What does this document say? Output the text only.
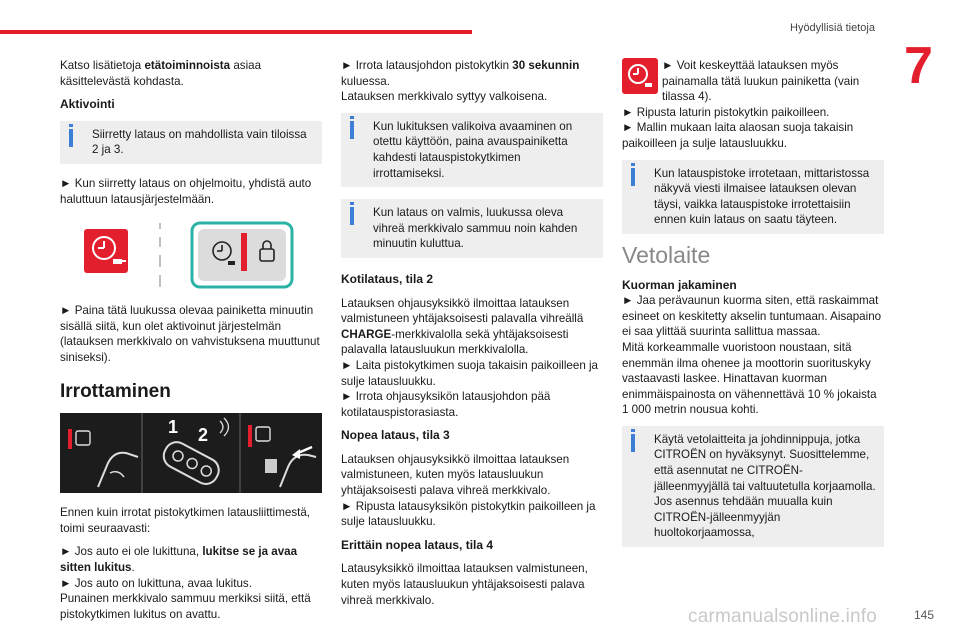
Hyödyllisiä tietoja
7

Katso lisätietoja etätoiminnoista asiaa käsittelevästä kohdasta.

Aktivointi
Siirretty lataus on mahdollista vain tiloissa 2 ja 3.

► Kun siirretty lataus on ohjelmoitu, yhdistä auto haluttuun latausjärjestelmään.

► Paina tätä luukussa olevaa painiketta minuutin sisällä siitä, kun olet aktivoinut järjestelmän (latauksen merkkivalo on vahvistuksena muuttunut siniseksi).

Irrottaminen
1 2

Ennen kuin irrotat pistokytkimen latausliittimestä, toimi seuraavasti:

► Jos auto ei ole lukittuna, lukitse se ja avaa sitten lukitus.

► Jos auto on lukittuna, avaa lukitus.

Punainen merkkivalo sammuu merkiksi siitä, että pistokytkimen lukitus on avattu.

► Irrota latausjohdon pistokytkin 30 sekunnin kuluessa.

Latauksen merkkivalo syttyy valkoisena.

Kun lukituksen valikoiva avaaminen on otettu käyttöön, paina avauspainiketta kahdesti latauspistokytkimen irrottamiseksi.
Kun lataus on valmis, luukussa oleva vihreä merkkivalo sammuu noin kahden minuutin kuluttua.
Kotilataus, tila 2

Latauksen ohjausyksikkö ilmoittaa latauksen valmistuneen yhtäjaksoisesti palavalla vihreällä CHARGE-merkkivalolla sekä yhtäjaksoisesti palavalla latausluukun merkkivalolla.

► Laita pistokytkimen suoja takaisin paikoilleen ja sulje latausluukku.

► Irrota ohjausyksikön latausjohdon pää kotilatauspistorasiasta.

Nopea lataus, tila 3

Latauksen ohjausyksikkö ilmoittaa latauksen valmistuneen, kuten myös latausluukun yhtäjaksoisesti palava vihreä merkkivalo.

► Ripusta latausyksikön pistokytkin paikoilleen ja sulje latausluukku.

Erittäin nopea lataus, tila 4

Latausyksikkö ilmoittaa latauksen valmistuneen, kuten myös latausluukun yhtäjaksoisesti palava vihreä merkkivalo.

► Voit keskeyttää latauksen myös painamalla tätä luukun painiketta (vain tilassa 4).

► Ripusta laturin pistokytkin paikoilleen.

► Mallin mukaan laita alaosan suoja takaisin paikoilleen ja sulje latausluukku.

Kun latauspistoke irrotetaan, mittaristossa näkyvä viesti ilmaisee latauksen olevan täysi, vaikka latauspistoke irrotettaisiin ennen kuin lataus on saatu täyteen.
Vetolaite
Kuorman jakaminen

► Jaa perävaunun kuorma siten, että raskaimmat esineet on keskitetty akselin tuntumaan. Aisapaino ei saa ylittää suurinta sallittua massaa.

Mitä korkeammalle vuoristoon noustaan, sitä enemmän ilma ohenee ja moottorin suorituskyky vastaavasti laskee. Hinattavan kuorman enimmäispainosta on vähennettävä 10 % jokaista 1 000 metrin nousua kohti.

Käytä vetolaitteita ja johdinnippuja, jotka CITROËN on hyväksynyt. Suosittelemme, että asennutat ne CITROËN-jälleenmyyjällä tai valtuutetulla korjaamolla. Jos asennus tehdään muualla kuin CITROËN-jälleenmyyjän huoltokorjaamossa,
carmanualsonline.info	145
